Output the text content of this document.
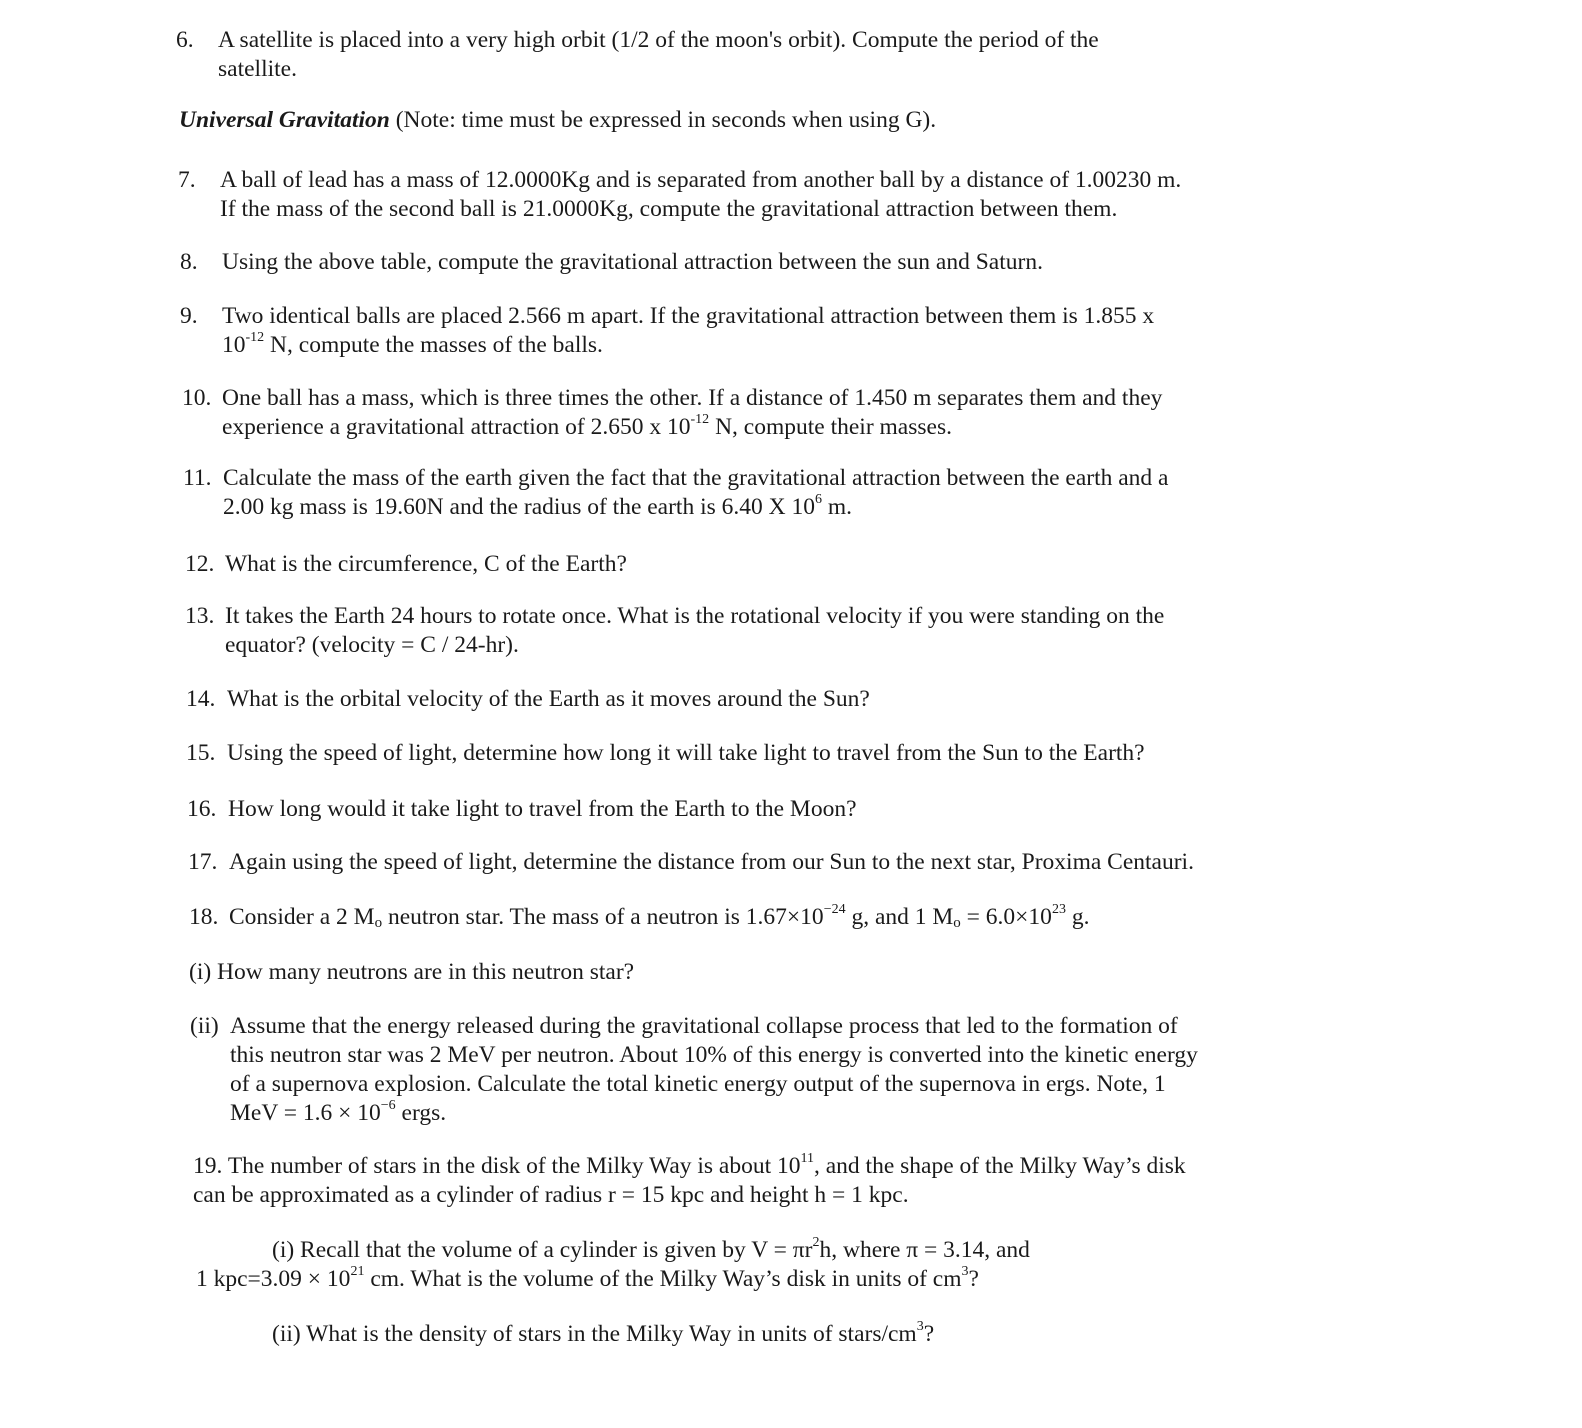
6. A satellite is placed into a very high orbit (1/2 of the moon's orbit). Compute the period of the
satellite.
Universal Gravitation (Note: time must be expressed in seconds when using G).
7. A ball of lead has a mass of 12.0000Kg and is separated from another ball by a distance of 1.00230 m.
If the mass of the second ball is 21.0000Kg, compute the gravitational attraction between them.
8. Using the above table, compute the gravitational attraction between the sun and Saturn.
9. Two identical balls are placed 2.566 m apart. If the gravitational attraction between them is 1.855 x
$10^{-12}$ N, compute the masses of the balls.
10. One ball has a mass, which is three times the other. If a distance of 1.450 m separates them and they
experience a gravitational attraction of 2.650 x $10^{-12}$ N, compute their masses.
11. Calculate the mass of the earth given the fact that the gravitational attraction between the earth and a
2.00 kg mass is 19.60N and the radius of the earth is 6.40 X $10^6$ m.
12. What is the circumference, C of the Earth?
13. It takes the Earth 24 hours to rotate once. What is the rotational velocity if you were standing on the
equator? (velocity = C / 24-hr).
14. What is the orbital velocity of the Earth as it moves around the Sun?
15. Using the speed of light, determine how long it will take light to travel from the Sun to the Earth?
16. How long would it take light to travel from the Earth to the Moon?
17. Again using the speed of light, determine the distance from our Sun to the next star, Proxima Centauri.
18. Consider a 2 Mo neutron star. The mass of a neutron is $1.67\times 10^{-24}$ g, and 1 $Mo = 6.0\times 10^{23}$ g.
(i) How many neutrons are in this neutron star?
(ii) Assume that the energy released during the gravitational collapse process that led to the formation of
this neutron star was 2 MeV per neutron. About 10% of this energy is converted into the kinetic energy
of a supernova explosion. Calculate the total kinetic energy output of the supernova in ergs. Note, 1
MeV = $1.6 \times 10^{-6}$ ergs.
19. The number of stars in the disk of the Milky Way is about $10^{11}$, and the shape of the Milky Way’s disk
can be approximated as a cylinder of radius r = 15 kpc and height h = 1 kpc.
(i) Recall that the volume of a cylinder is given by $V = \pi r^2h$, where π = 3.14, and
1 $kpc=3.09 \times 10^{21}$ cm. What is the volume of the Milky Way’s disk in units of $cm^3$?
(ii) What is the density of stars in the Milky Way in units of stars/$cm^3$?
